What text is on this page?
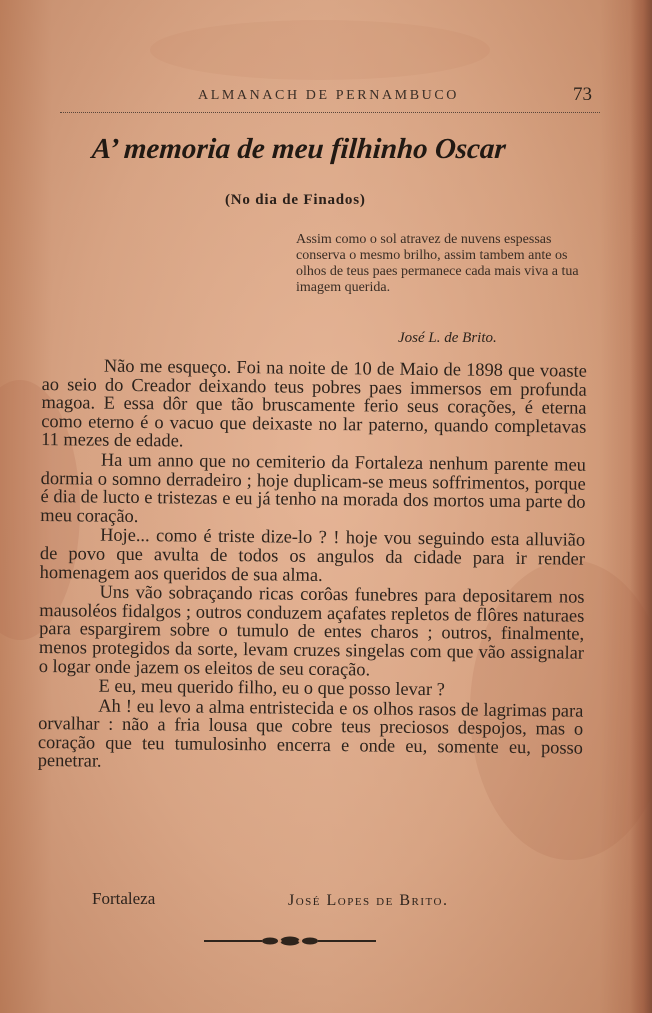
ALMANACH DE PERNAMBUCO	73
A’ memoria de meu filhinho Oscar
(No dia de Finados)
Assim como o sol atravez de nuvens espessas conserva o mesmo brilho, assim tambem ante os olhos de teus paes permanece cada mais viva a tua imagem querida.
José L. de Brito.

Não me esqueço. Foi na noite de 10 de Maio de 1898 que voaste ao seio do Creador deixando teus pobres paes immersos em profunda magoa. E essa dôr que tão bruscamente ferio seus corações, é eterna como eterno é o vacuo que deixaste no lar paterno, quando completavas 11 mezes de edade.

Ha um anno que no cemiterio da Fortaleza nenhum parente meu dormia o somno derradeiro ; hoje duplicam-se meus soffrimentos, porque é dia de lucto e tristezas e eu já tenho na morada dos mortos uma parte do meu coração.

Hoje... como é triste dize-lo ? ! hoje vou seguindo esta alluvião de povo que avulta de todos os angulos da cidade para ir render homenagem aos queridos de sua alma.

Uns vão sobraçando ricas corôas funebres para depositarem nos mausoléos fidalgos ; outros conduzem açafates repletos de flôres naturaes para espargirem sobre o tumulo de entes charos ; outros, finalmente, menos protegidos da sorte, levam cruzes singelas com que vão assignalar o logar onde jazem os eleitos de seu coração.

E eu, meu querido filho, eu o que posso levar ?

Ah ! eu levo a alma entristecida e os olhos rasos de lagrimas para orvalhar : não a fria lousa que cobre teus preciosos despojos, mas o coração que teu tumulosinho encerra e onde eu, somente eu, posso penetrar.

Fortaleza	José Lopes de Brito.
